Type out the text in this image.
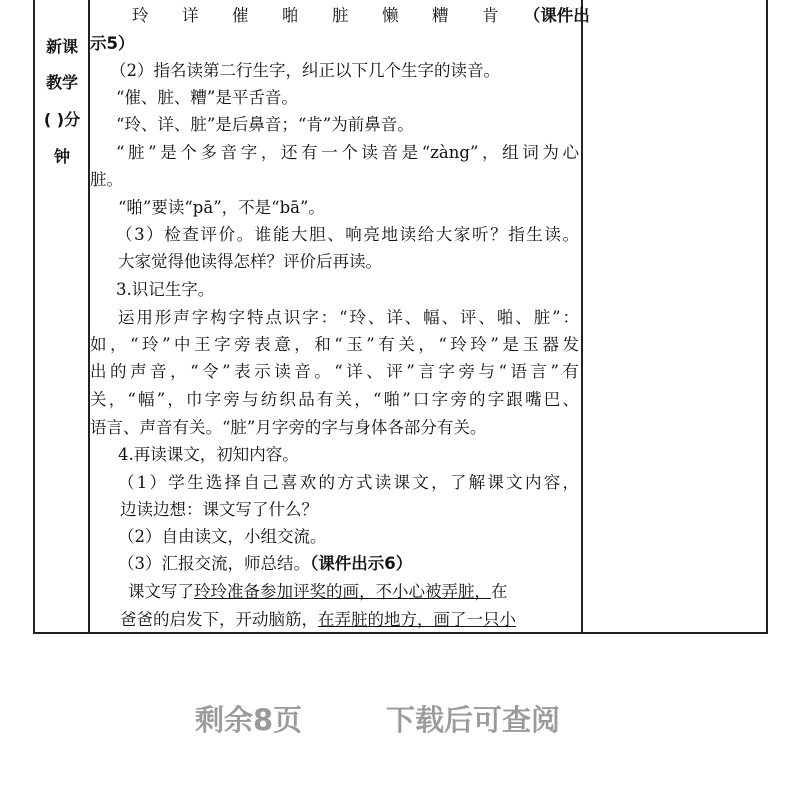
新课
教学
( )分
钟
玲　详　催　啪　脏　懒　糟　肯　（课件出
示5）
（2）指名读第二行生字，纠正以下几个生字的读音。
“催、脏、糟”是平舌音。
“玲、详、脏”是后鼻音；“肯”为前鼻音。
“脏”是个多音字，还有一个读音是“zàng”，组词为心
脏。
“啪”要读“pā”，不是“bā”。
（3）检查评价。谁能大胆、响亮地读给大家听？指生读。
大家觉得他读得怎样？评价后再读。
3.识记生字。
运用形声字构字特点识字：“玲、详、幅、评、啪、脏”：
如，“玲”中王字旁表意，和“玉”有关，“玲玲”是玉器发
出的声音，“令”表示读音。“详、评”言字旁与“语言”有
关，“幅”，巾字旁与纺织品有关，“啪”口字旁的字跟嘴巴、
语言、声音有关。“脏”月字旁的字与身体各部分有关。
4.再读课文，初知内容。
（1）学生选择自己喜欢的方式读课文，了解课文内容，
边读边想：课文写了什么？
（2）自由读文，小组交流。
（3）汇报交流，师总结。（课件出示6）
课文写了玲玲准备参加评奖的画，不小心被弄脏，在
爸爸的启发下，开动脑筋，在弄脏的地方，画了一只小
剩余8页	下载后可查阅
